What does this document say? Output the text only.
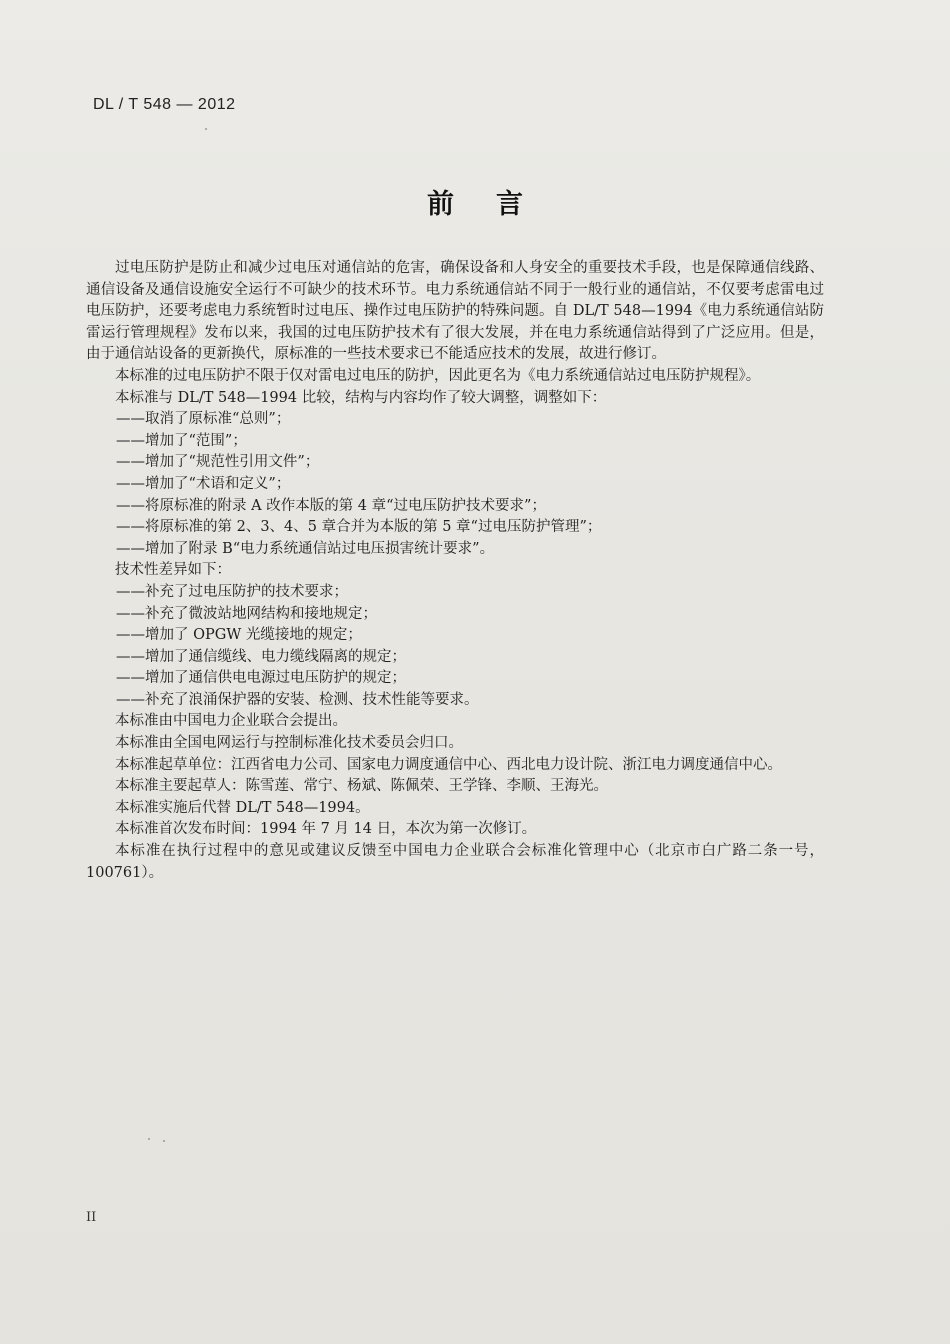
DL / T 548 — 2012
前 言

过电压防护是防止和减少过电压对通信站的危害，确保设备和人身安全的重要技术手段，也是保障通信线路、通信设备及通信设施安全运行不可缺少的技术环节。电力系统通信站不同于一般行业的通信站，不仅要考虑雷电过电压防护，还要考虑电力系统暂时过电压、操作过电压防护的特殊问题。自 DL/T 548—1994《电力系统通信站防雷运行管理规程》发布以来，我国的过电压防护技术有了很大发展，并在电力系统通信站得到了广泛应用。但是，由于通信站设备的更新换代，原标准的一些技术要求已不能适应技术的发展，故进行修订。

本标准的过电压防护不限于仅对雷电过电压的防护，因此更名为《电力系统通信站过电压防护规程》。

本标准与 DL/T 548—1994 比较，结构与内容均作了较大调整，调整如下：

——取消了原标准“总则”；

——增加了“范围”；

——增加了“规范性引用文件”；

——增加了“术语和定义”；

——将原标准的附录 A 改作本版的第 4 章“过电压防护技术要求”；

——将原标准的第 2、3、4、5 章合并为本版的第 5 章“过电压防护管理”；

——增加了附录 B“电力系统通信站过电压损害统计要求”。

技术性差异如下：

——补充了过电压防护的技术要求；

——补充了微波站地网结构和接地规定；

——增加了 OPGW 光缆接地的规定；

——增加了通信缆线、电力缆线隔离的规定；

——增加了通信供电电源过电压防护的规定；

——补充了浪涌保护器的安装、检测、技术性能等要求。

本标准由中国电力企业联合会提出。

本标准由全国电网运行与控制标准化技术委员会归口。

本标准起草单位：江西省电力公司、国家电力调度通信中心、西北电力设计院、浙江电力调度通信中心。

本标准主要起草人：陈雪莲、常宁、杨斌、陈佩荣、王学锋、李顺、王海光。

本标准实施后代替 DL/T 548—1994。

本标准首次发布时间：1994 年 7 月 14 日，本次为第一次修订。

本标准在执行过程中的意见或建议反馈至中国电力企业联合会标准化管理中心（北京市白广路二条一号，100761）。

II
